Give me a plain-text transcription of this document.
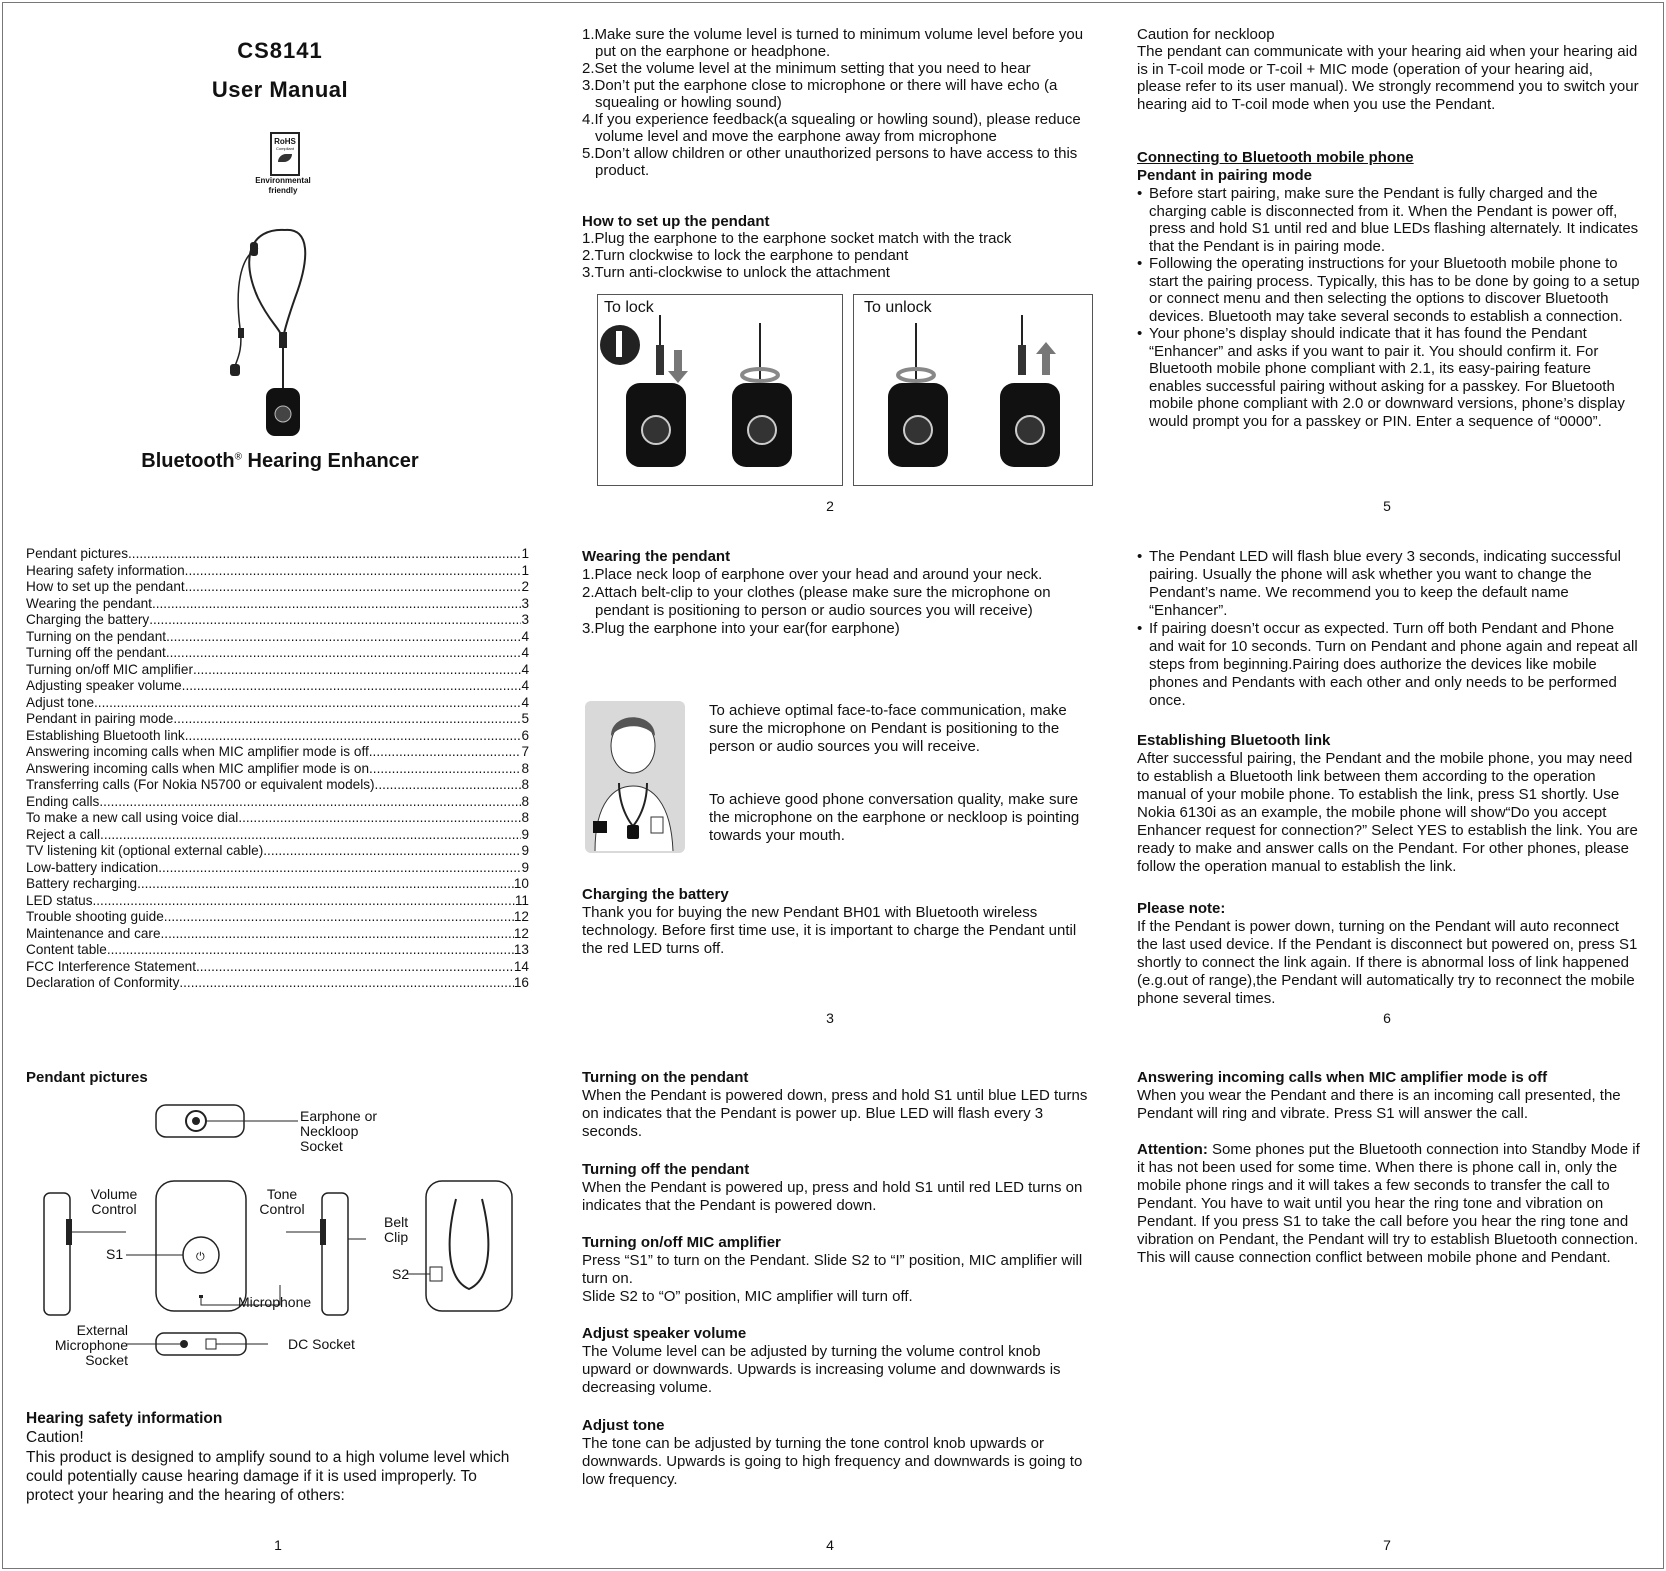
CS8141
User Manual
RoHS
Compliant
Environmental
friendly
Bluetooth® Hearing Enhancer
1.Make sure the volume level is turned to minimum volume level before you put on the earphone or headphone.
2.Set the volume level at the minimum setting that you need to hear
3.Don’t put the earphone close to microphone or there will have echo (a squealing or howling sound)
4.If you experience feedback(a squealing or howling sound), please reduce volume level and move the earphone away from microphone
5.Don’t allow children or other unauthorized persons to have access to this product.
How to set up the pendant
1.Plug the earphone to the earphone socket match with the track
2.Turn clockwise to lock the earphone to pendant
3.Turn anti-clockwise to unlock the attachment
To lock	To unlock
2
Caution for neckloop
The pendant can communicate with your hearing aid when your hearing aid is in T-coil mode or T-coil + MIC mode (operation of your hearing aid, please refer to its user manual). We strongly recommend you to switch your hearing aid to T-coil mode when you use the Pendant.
Connecting to Bluetooth mobile phone
Pendant in pairing mode
• Before start pairing, make sure the Pendant is fully charged and the charging cable is disconnected from it. When the Pendant is power off, press and hold S1 until red and blue LEDs flashing alternately. It indicates that the Pendant is in pairing mode.
• Following the operating instructions for your Bluetooth mobile phone to start the pairing process. Typically, this has to be done by going to a setup or connect menu and then selecting the options to discover Bluetooth devices. Bluetooth may take several seconds to establish a connection.
• Your phone’s display should indicate that it has found the Pendant “Enhancer” and asks if you want to pair it. You should confirm it. For Bluetooth mobile phone compliant with 2.1, its easy-pairing feature enables successful pairing without asking for a passkey. For Bluetooth mobile phone compliant with 2.0 or downward versions, phone’s display would prompt you for a passkey or PIN. Enter a sequence of “0000”.
5
Pendant pictures .....	1
Hearing safety information .....	1
How to set up the pendant .....	2
Wearing the pendant .....	3
Charging the battery .....	3
Turning on the pendant .....	4
Turning off the pendant .....	4
Turning on/off MIC amplifier .....	4
Adjusting speaker volume .....	4
Adjust tone .....	4
Pendant in pairing mode .....	5
Establishing Bluetooth link .....	6
Answering incoming calls when MIC amplifier mode is off .....	7
Answering incoming calls when MIC amplifier mode is on .....	8
Transferring calls (For Nokia N5700 or equivalent models) .....	8
Ending calls .....	8
To make a new call using voice dial .....	8
Reject a call .....	9
TV listening kit (optional external cable) .....	9
Low-battery indication .....	9
Battery recharging .....	10
LED status .....	11
Trouble shooting guide .....	12
Maintenance and care .....	12
Content table .....	13
FCC Interference Statement .....	14
Declaration of Conformity .....	16
Wearing the pendant
1.Place neck loop of earphone over your head and around your neck.
2.Attach belt-clip to your clothes (please make sure the microphone on pendant is positioning to person or audio sources you will receive)
3.Plug the earphone into your ear(for earphone)
To achieve optimal face-to-face communication, make sure the microphone on Pendant is positioning to the person or audio sources you will receive.
To achieve good phone conversation quality, make sure the microphone on the earphone or neckloop is pointing towards your mouth.
Charging the battery
Thank you for buying the new Pendant BH01 with Bluetooth wireless technology. Before first time use, it is important to charge the Pendant until the red LED turns off.
3
• The Pendant LED will flash blue every 3 seconds, indicating successful pairing. Usually the phone will ask whether you want to change the Pendant’s name. We recommend you to keep the default name “Enhancer”.
• If pairing doesn’t occur as expected. Turn off both Pendant and Phone and wait for 10 seconds. Turn on Pendant and phone again and repeat all steps from beginning.Pairing does authorize the devices like mobile phones and Pendants with each other and only needs to be performed once.
Establishing Bluetooth link
After successful pairing, the Pendant and the mobile phone, you may need to establish a Bluetooth link between them according to the operation manual of your mobile phone. To establish the link, press S1 shortly. Use Nokia 6130i as an example, the mobile phone will show“Do you accept Enhancer request for connection?” Select YES to establish the link. You are ready to make and answer calls on the Pendant. For other phones, please follow the operation manual to establish the link.
Please note:
If the Pendant is power down, turning on the Pendant will auto reconnect the last used device. If the Pendant is disconnect but powered on, press S1 shortly to connect the link again. If there is abnormal loss of link happened (e.g.out of range),the Pendant will automatically try to reconnect the mobile phone several times.
6
Pendant pictures
⏻
Earphone or Neckloop Socket
Volume Control
Tone Control
Belt Clip
S1
S2
Microphone
External Microphone Socket
DC Socket
Hearing safety information
Caution!
This product is designed to amplify sound to a high volume level which could potentially cause hearing damage if it is used improperly. To protect your hearing and the hearing of others:
1
Turning on the pendant
When the Pendant is powered down, press and hold S1 until blue LED turns on indicates that the Pendant is power up. Blue LED will flash every 3 seconds.
Turning off the pendant
When the Pendant is powered up, press and hold S1 until red LED turns on indicates that the Pendant is powered down.
Turning on/off MIC amplifier
Press “S1” to turn on the Pendant. Slide S2 to “I” position, MIC amplifier will turn on.
Slide S2 to “O” position, MIC amplifier will turn off.
Adjust speaker volume
The Volume level can be adjusted by turning the volume control knob upward or downwards. Upwards is increasing volume and downwards is decreasing volume.
Adjust tone
The tone can be adjusted by turning the tone control knob upwards or downwards. Upwards is going to high frequency and downwards is going to low frequency.
4
Answering incoming calls when MIC amplifier mode is off
When you wear the Pendant and there is an incoming call presented, the Pendant will ring and vibrate. Press S1 will answer the call.
Attention: Some phones put the Bluetooth connection into Standby Mode if it has not been used for some time. When there is phone call in, only the mobile phone rings and it will takes a few seconds to transfer the call to Pendant. You have to wait until you hear the ring tone and vibration on Pendant. If you press S1 to take the call before you hear the ring tone and vibration on Pendant, the Pendant will try to establish Bluetooth connection. This will cause connection conflict between mobile phone and Pendant.
7
